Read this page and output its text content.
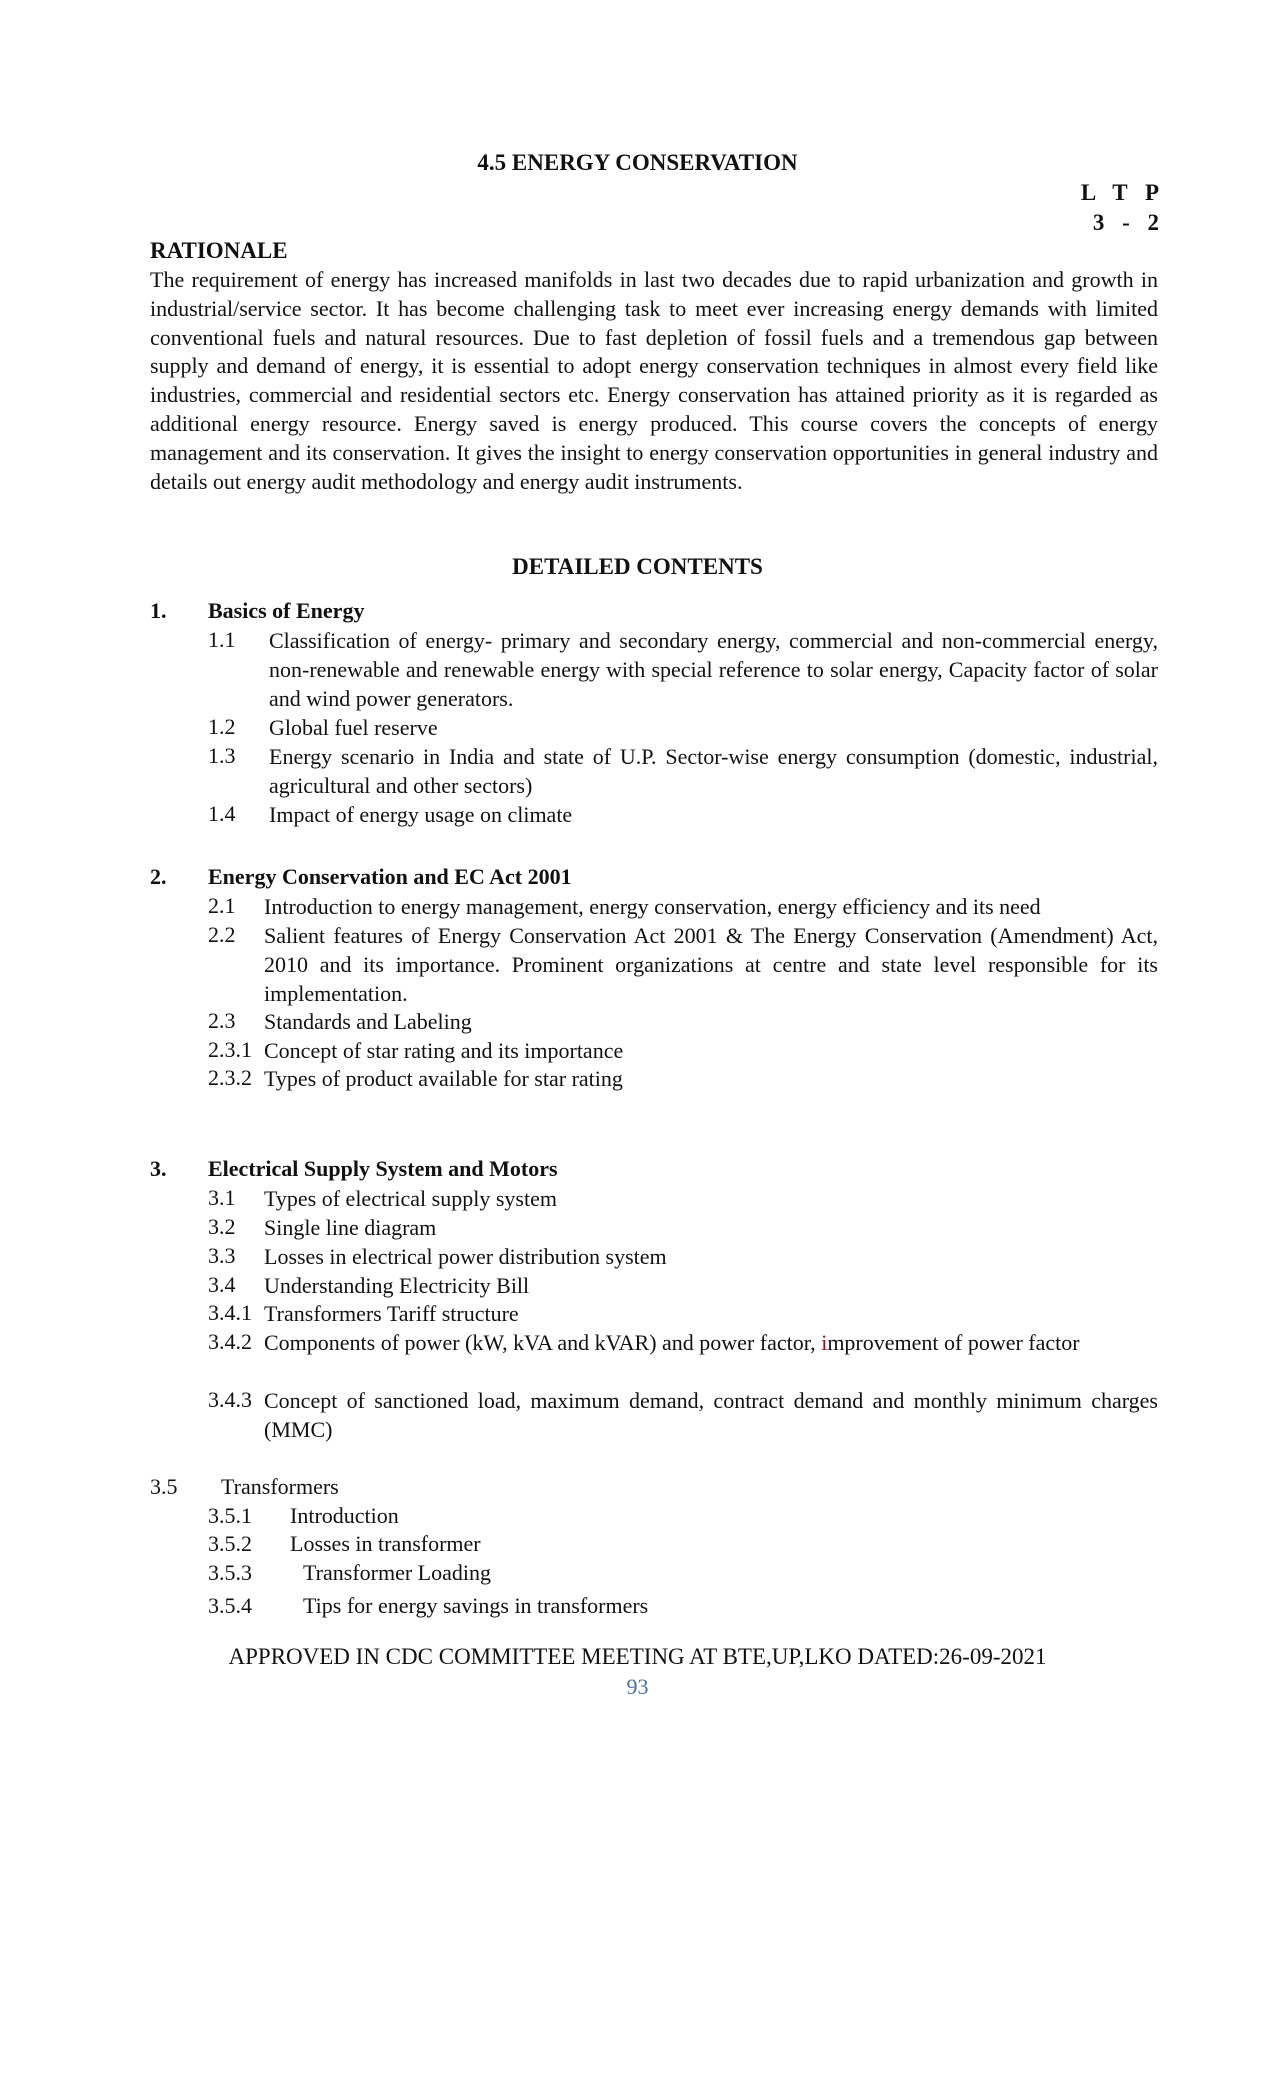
4.5 ENERGY CONSERVATION
L T P
3 - 2
RATIONALE
The requirement of energy has increased manifolds in last two decades due to rapid urbanization and growth in industrial/service sector. It has become challenging task to meet ever increasing energy demands with limited conventional fuels and natural resources. Due to fast depletion of fossil fuels and a tremendous gap between supply and demand of energy, it is essential to adopt energy conservation techniques in almost every field like industries, commercial and residential sectors etc. Energy conservation has attained priority as it is regarded as additional energy resource. Energy saved is energy produced. This course covers the concepts of energy management and its conservation. It gives the insight to energy conservation opportunities in general industry and details out energy audit methodology and energy audit instruments.
DETAILED CONTENTS
1. Basics of Energy
1.1 Classification of energy- primary and secondary energy, commercial and non-commercial energy, non-renewable and renewable energy with special reference to solar energy, Capacity factor of solar and wind power generators.
1.2 Global fuel reserve
1.3 Energy scenario in India and state of U.P. Sector-wise energy consumption (domestic, industrial, agricultural and other sectors)
1.4 Impact of energy usage on climate
2. Energy Conservation and EC Act 2001
2.1 Introduction to energy management, energy conservation, energy efficiency and its need
2.2 Salient features of Energy Conservation Act 2001 & The Energy Conservation (Amendment) Act, 2010 and its importance. Prominent organizations at centre and state level responsible for its implementation.
2.3 Standards and Labeling
2.3.1 Concept of star rating and its importance
2.3.2 Types of product available for star rating
3. Electrical Supply System and Motors
3.1 Types of electrical supply system
3.2 Single line diagram
3.3 Losses in electrical power distribution system
3.4 Understanding Electricity Bill
3.4.1 Transformers Tariff structure
3.4.2 Components of power (kW, kVA and kVAR) and power factor, improvement of power factor
3.4.3 Concept of sanctioned load, maximum demand, contract demand and monthly minimum charges (MMC)
3.5 Transformers
3.5.1 Introduction
3.5.2 Losses in transformer
3.5.3 Transformer Loading
3.5.4 Tips for energy savings in transformers
APPROVED IN CDC COMMITTEE MEETING AT BTE,UP,LKO DATED:26-09-2021
93
